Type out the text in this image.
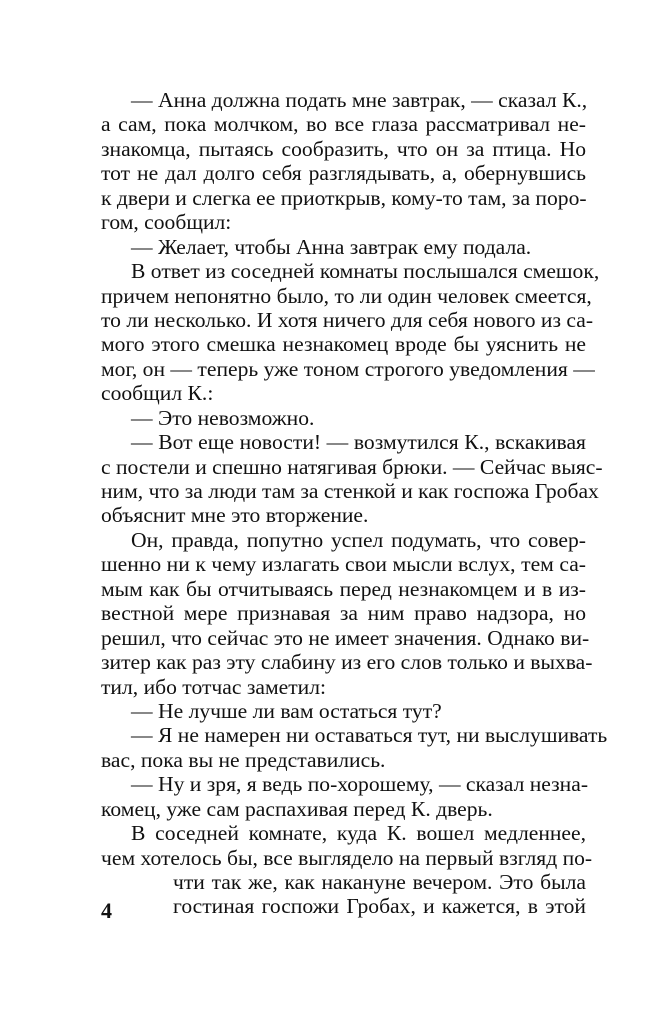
— Анна должна подать мне завтрак, — сказал К.,
а сам, пока молчком, во все глаза рассматривал не-
знакомца, пытаясь сообразить, что он за птица. Но
тот не дал долго себя разглядывать, а, обернувшись
к двери и слегка ее приоткрыв, кому-то там, за поро-
гом, сообщил:
— Желает, чтобы Анна завтрак ему подала.
В ответ из соседней комнаты послышался смешок,
причем непонятно было, то ли один человек смеется,
то ли несколько. И хотя ничего для себя нового из са-
мого этого смешка незнакомец вроде бы уяснить не
мог, он — теперь уже тоном строгого уведомления —
сообщил К.:
— Это невозможно.
— Вот еще новости! — возмутился К., вскакивая
с постели и спешно натягивая брюки. — Сейчас выяс-
ним, что за люди там за стенкой и как госпожа Гробах
объяснит мне это вторжение.
Он, правда, попутно успел подумать, что совер-
шенно ни к чему излагать свои мысли вслух, тем са-
мым как бы отчитываясь перед незнакомцем и в из-
вестной мере признавая за ним право надзора, но
решил, что сейчас это не имеет значения. Однако ви-
зитер как раз эту слабину из его слов только и выхва-
тил, ибо тотчас заметил:
— Не лучше ли вам остаться тут?
— Я не намерен ни оставаться тут, ни выслушивать
вас, пока вы не представились.
— Ну и зря, я ведь по-хорошему, — сказал незна-
комец, уже сам распахивая перед К. дверь.
В соседней комнате, куда К. вошел медленнее,
чем хотелось бы, все выглядело на первый взгляд по-
чти так же, как накануне вечером. Это была
гостиная госпожи Гробах, и кажется, в этой
4
